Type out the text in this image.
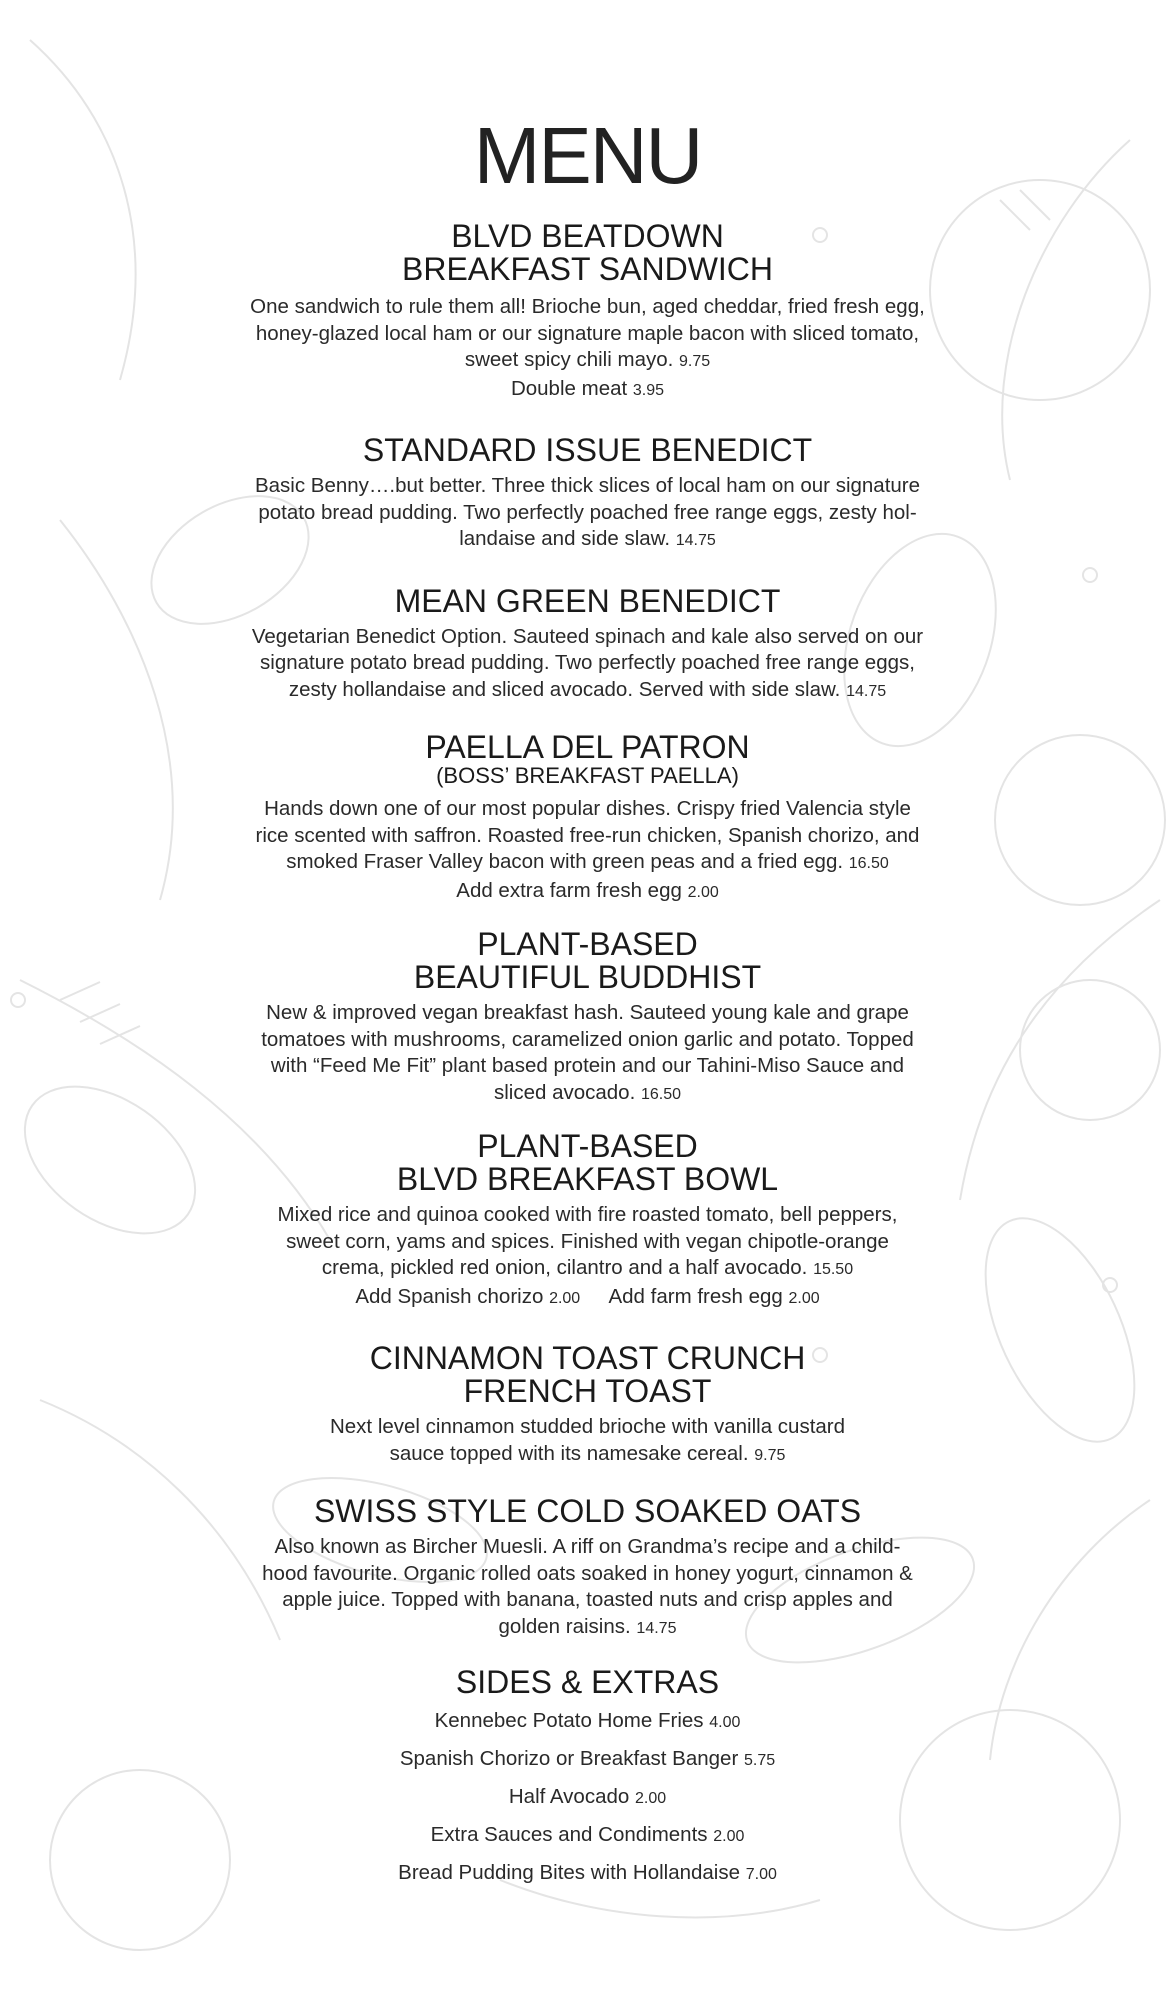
MENU
BLVD BEATDOWN
BREAKFAST SANDWICH

One sandwich to rule them all! Brioche bun, aged cheddar, fried fresh egg,
honey-glazed local ham or our signature maple bacon with sliced tomato,
sweet spicy chili mayo. 9.75
Double meat 3.95

STANDARD ISSUE BENEDICT

Basic Benny….but better. Three thick slices of local ham on our signature
potato bread pudding. Two perfectly poached free range eggs, zesty hol-
landaise and side slaw. 14.75

MEAN GREEN BENEDICT

Vegetarian Benedict Option. Sauteed spinach and kale also served on our
signature potato bread pudding. Two perfectly poached free range eggs,
zesty hollandaise and sliced avocado. Served with side slaw. 14.75

PAELLA DEL PATRON
(BOSS’ BREAKFAST PAELLA)

Hands down one of our most popular dishes. Crispy fried Valencia style
rice scented with saffron. Roasted free-run chicken, Spanish chorizo, and
smoked Fraser Valley bacon with green peas and a fried egg. 16.50
Add extra farm fresh egg 2.00

PLANT-BASED
BEAUTIFUL BUDDHIST

New & improved vegan breakfast hash. Sauteed young kale and grape
tomatoes with mushrooms, caramelized onion garlic and potato. Topped
with “Feed Me Fit” plant based protein and our Tahini-Miso Sauce and
sliced avocado. 16.50

PLANT-BASED
BLVD BREAKFAST BOWL

Mixed rice and quinoa cooked with fire roasted tomato, bell peppers,
sweet corn, yams and spices. Finished with vegan chipotle-orange
crema, pickled red onion, cilantro and a half avocado. 15.50
Add Spanish chorizo 2.00 Add farm fresh egg 2.00

CINNAMON TOAST CRUNCH
FRENCH TOAST

Next level cinnamon studded brioche with vanilla custard
sauce topped with its namesake cereal. 9.75

SWISS STYLE COLD SOAKED OATS

Also known as Bircher Muesli. A riff on Grandma’s recipe and a child-
hood favourite. Organic rolled oats soaked in honey yogurt, cinnamon &
apple juice. Topped with banana, toasted nuts and crisp apples and
golden raisins. 14.75

SIDES & EXTRAS
Kennebec Potato Home Fries 4.00
Spanish Chorizo or Breakfast Banger 5.75
Half Avocado 2.00
Extra Sauces and Condiments 2.00
Bread Pudding Bites with Hollandaise 7.00
